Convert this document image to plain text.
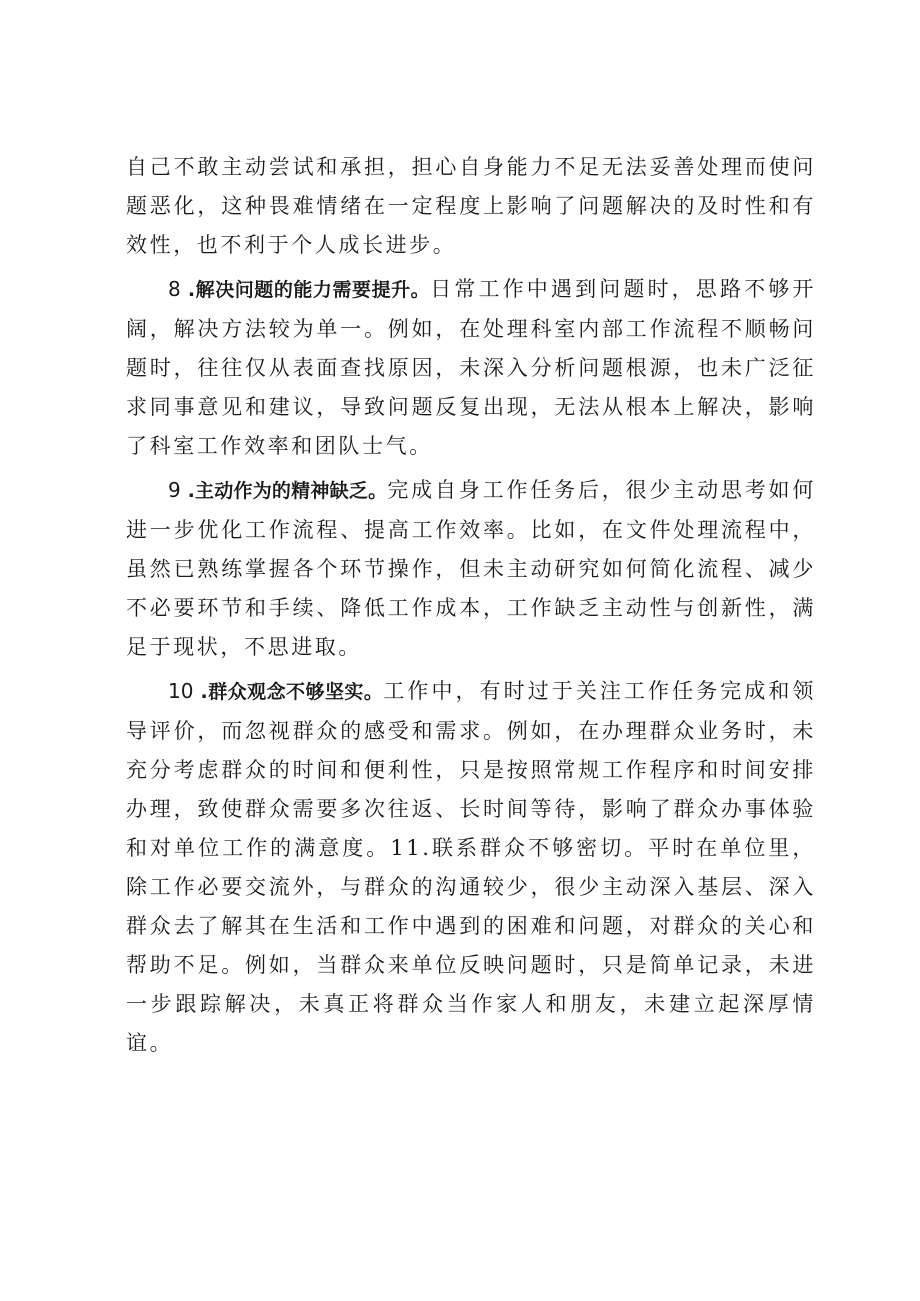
自己不敢主动尝试和承担，担心自身能力不足无法妥善处理而使问题恶化，这种畏难情绪在一定程度上影响了问题解决的及时性和有效性，也不利于个人成长进步。

8 .解决问题的能力需要提升。日常工作中遇到问题时，思路不够开阔，解决方法较为单一。例如，在处理科室内部工作流程不顺畅问题时，往往仅从表面查找原因，未深入分析问题根源，也未广泛征求同事意见和建议，导致问题反复出现，无法从根本上解决，影响了科室工作效率和团队士气。

9 .主动作为的精神缺乏。完成自身工作任务后，很少主动思考如何进一步优化工作流程、提高工作效率。比如，在文件处理流程中，虽然已熟练掌握各个环节操作，但未主动研究如何简化流程、减少不必要环节和手续、降低工作成本，工作缺乏主动性与创新性，满足于现状，不思进取。

10 .群众观念不够坚实。工作中，有时过于关注工作任务完成和领导评价，而忽视群众的感受和需求。例如，在办理群众业务时，未充分考虑群众的时间和便利性，只是按照常规工作程序和时间安排办理，致使群众需要多次往返、长时间等待，影响了群众办事体验和对单位工作的满意度。11.联系群众不够密切。平时在单位里，除工作必要交流外，与群众的沟通较少，很少主动深入基层、深入群众去了解其在生活和工作中遇到的困难和问题，对群众的关心和帮助不足。例如，当群众来单位反映问题时，只是简单记录，未进一步跟踪解决，未真正将群众当作家人和朋友，未建立起深厚情谊。
